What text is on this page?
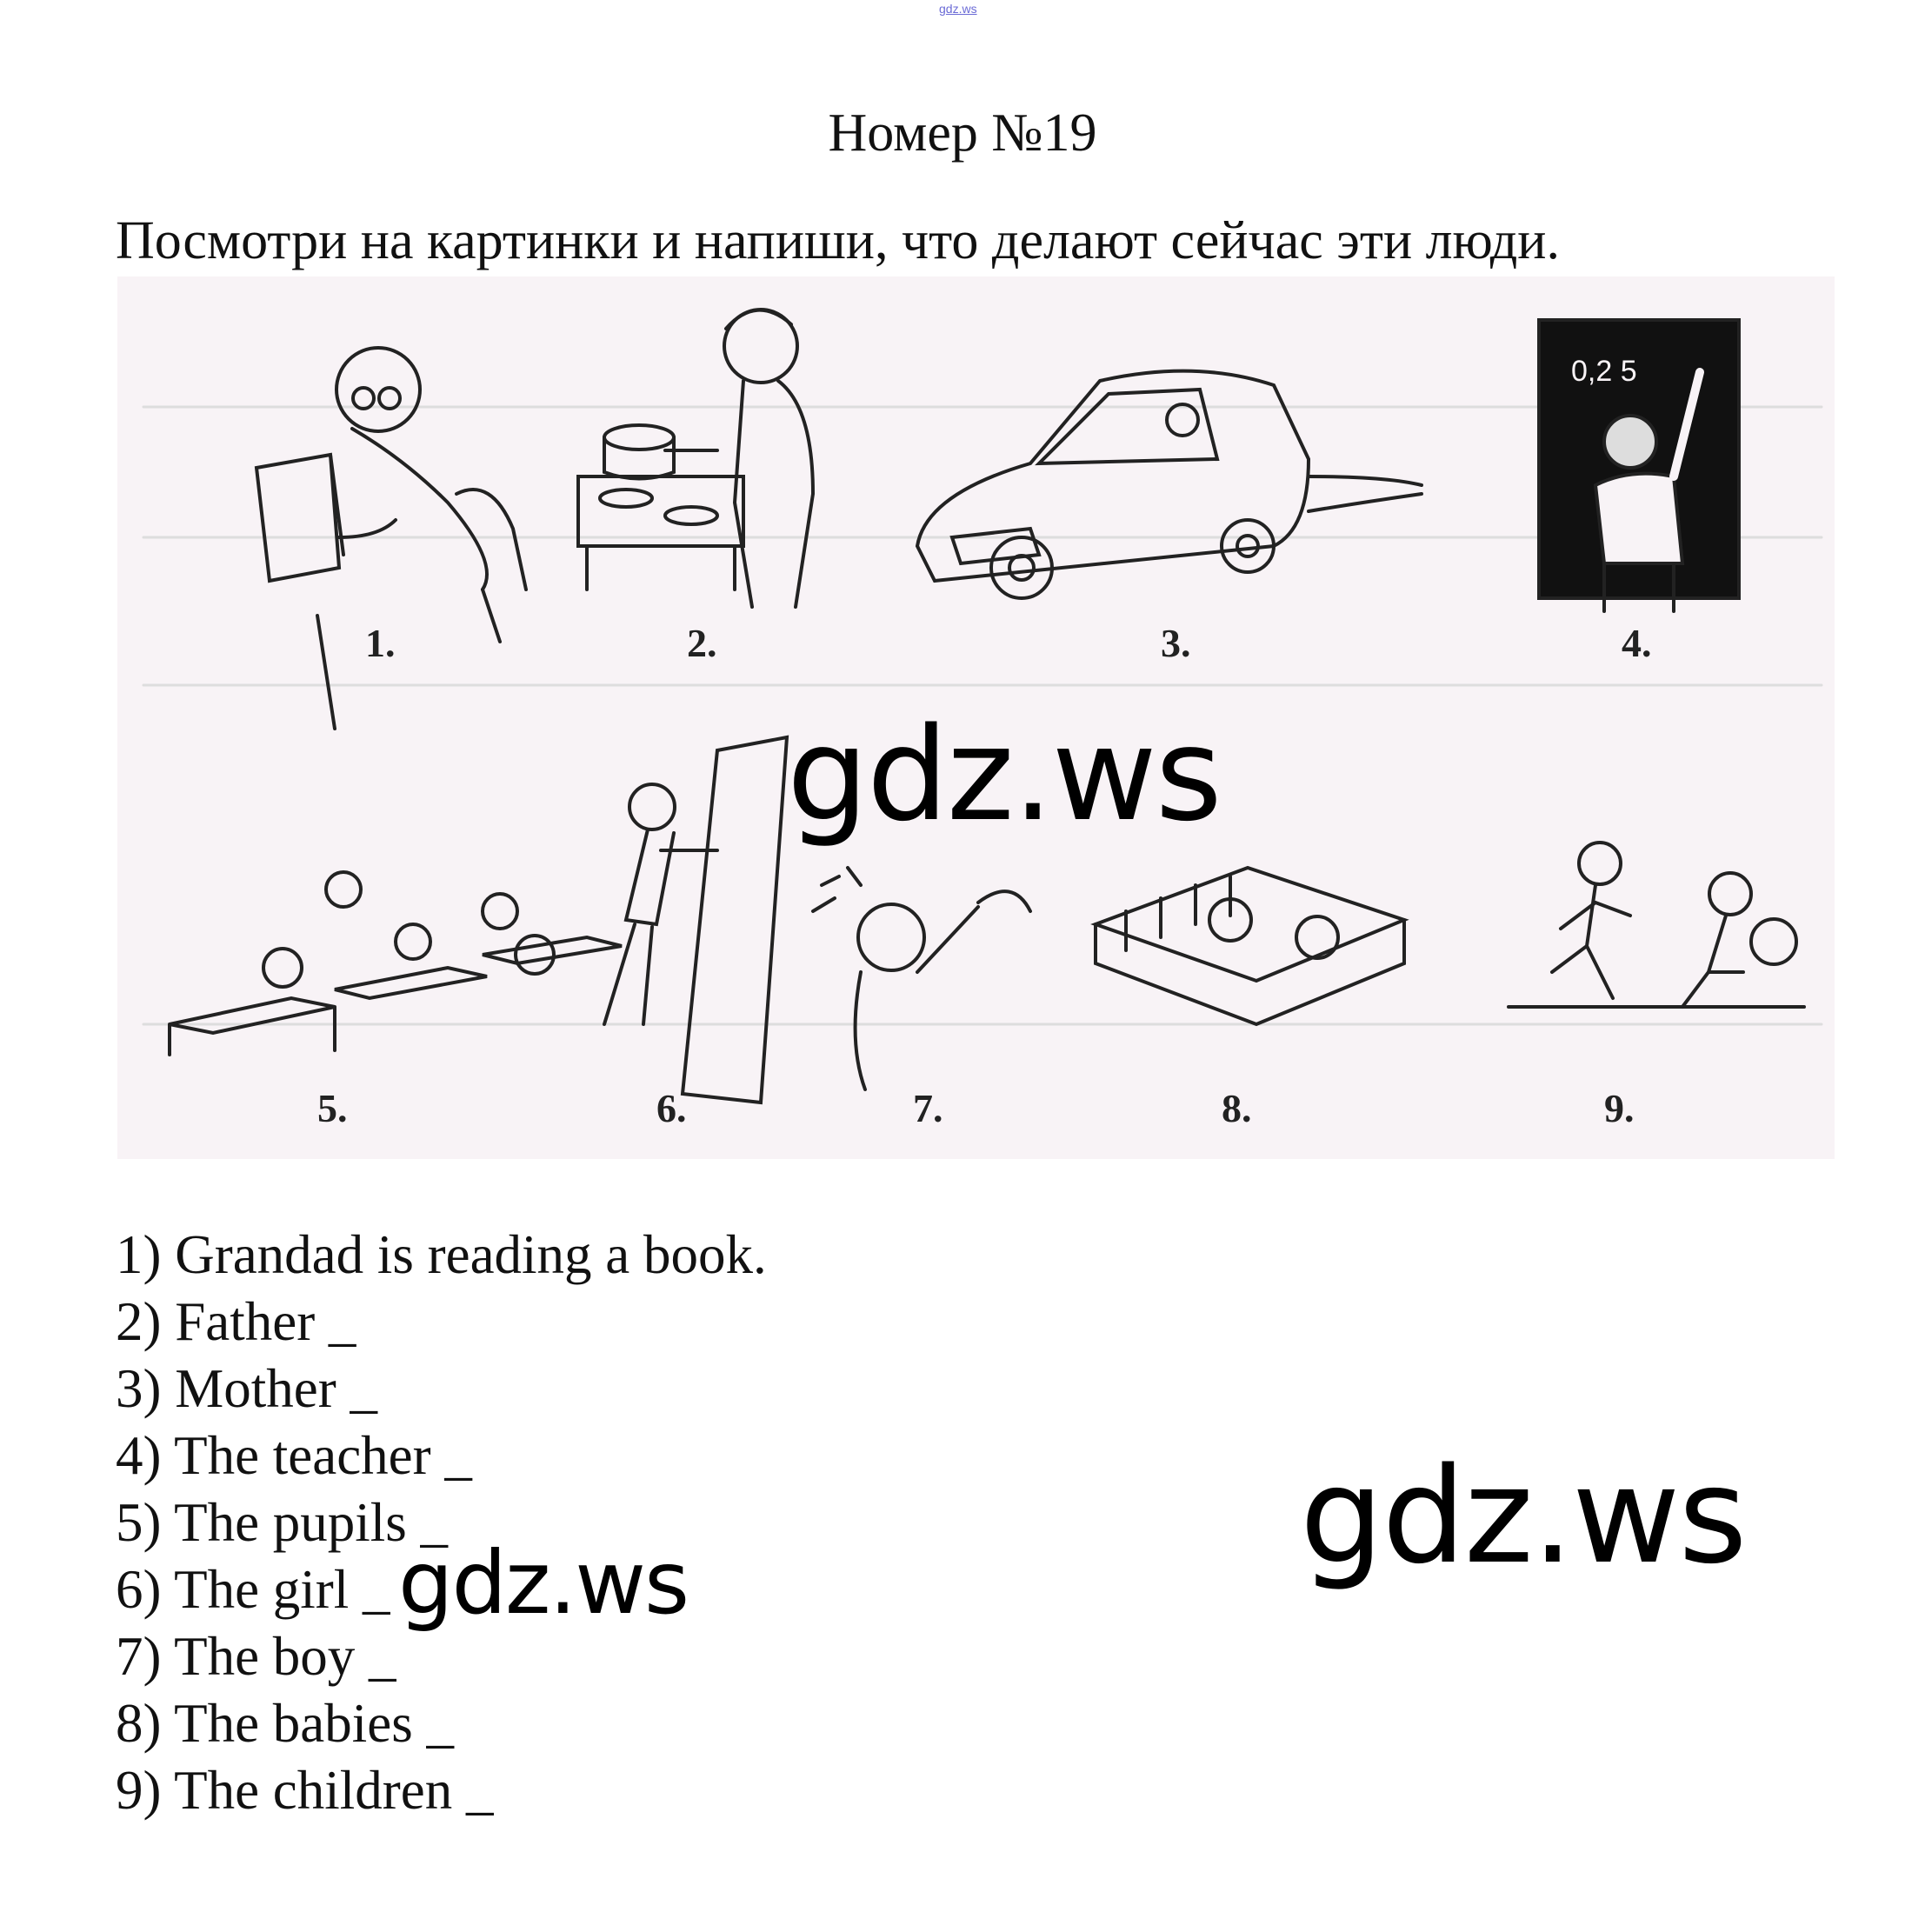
gdz.ws
Номер №19
Посмотри на картинки и напиши, что делают сейчас эти люди.
0,2 5
1.	2.	3.	4.
5.	6.	7.	8.	9.
1) Grandad is reading a book.
2) Father _
3) Mother _
4) The teacher _
5) The pupils _
6) The girl _
7) The boy _
8) The babies _
9) The children _
gdz.ws
gdz.ws	gdz.ws
